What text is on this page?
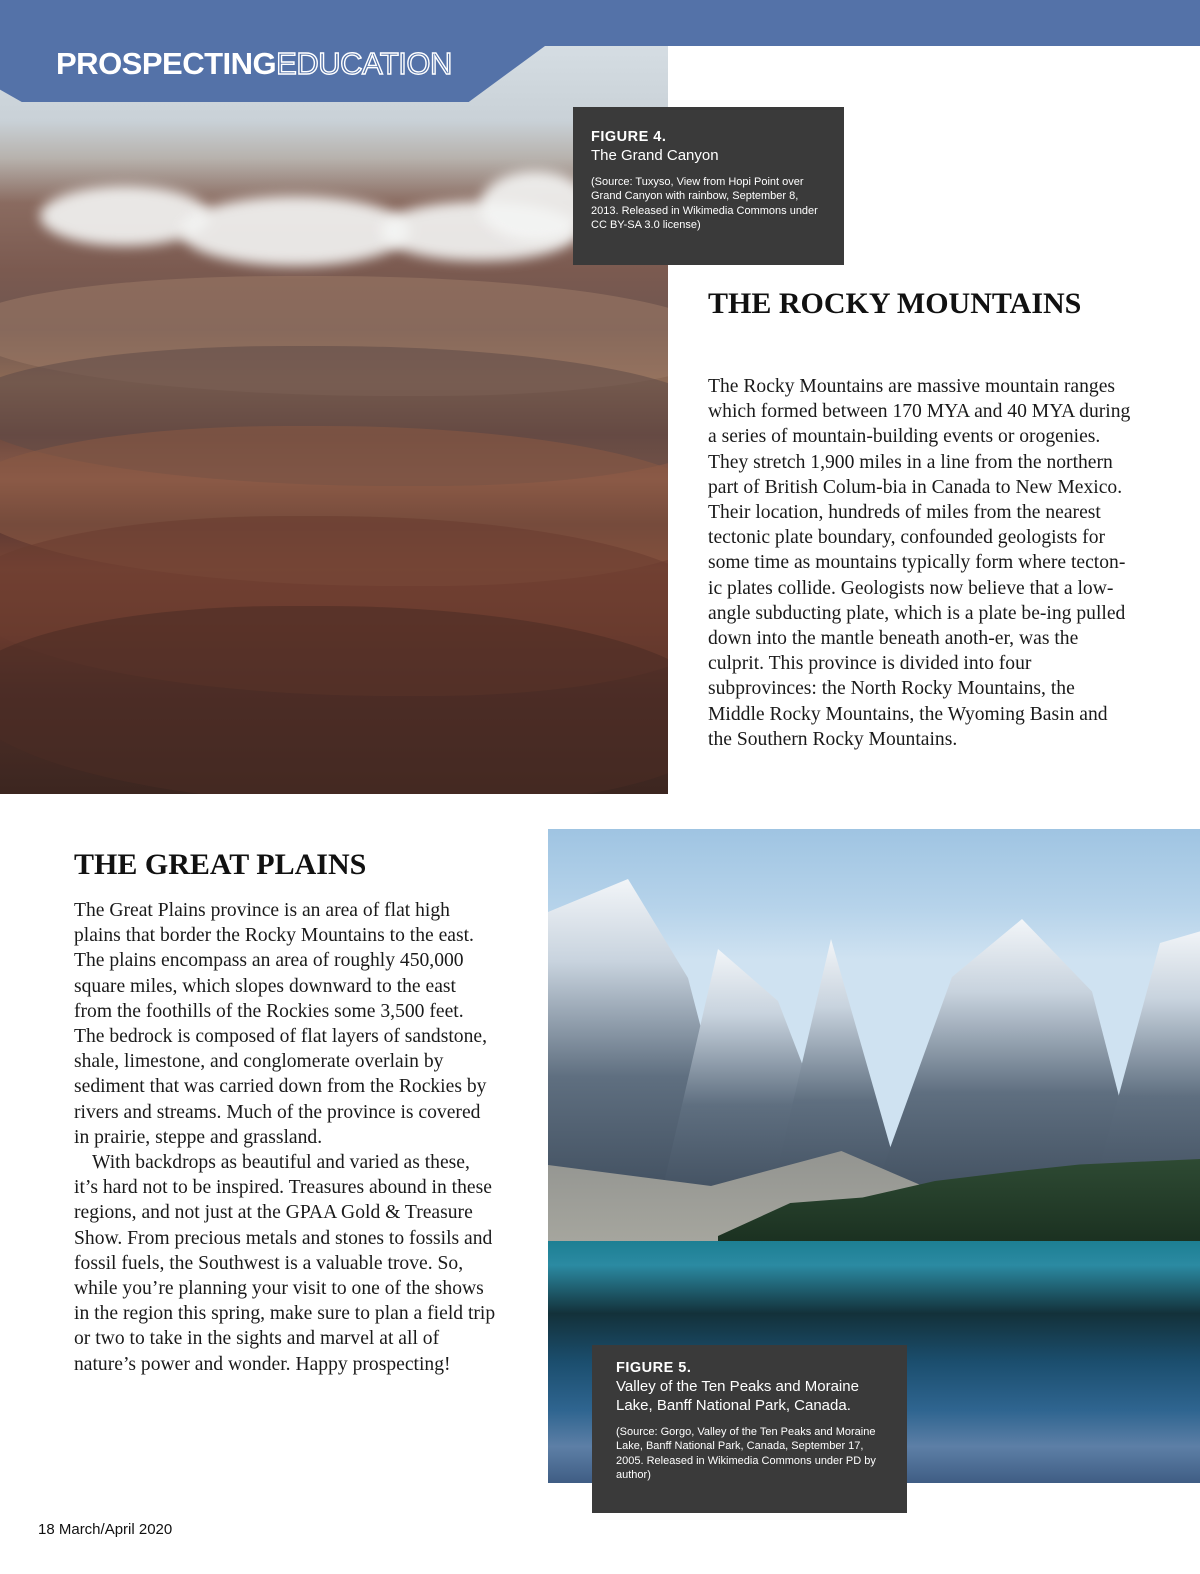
PROSPECTINGEDUCATION
FIGURE 4.
The Grand Canyon
(Source: Tuxyso, View from Hopi Point over Grand Canyon with rainbow, September 8, 2013. Released in Wikimedia Commons under CC BY-SA 3.0 license)
THE ROCKY MOUNTAINS

The Rocky Mountains are massive mountain ranges which formed between 170 MYA and 40 MYA during a series of mountain-building events or orogenies. They stretch 1,900 miles in a line from the northern part of British Colum-bia in Canada to New Mexico. Their location, hundreds of miles from the nearest tectonic plate boundary, confounded geologists for some time as mountains typically form where tecton-ic plates collide. Geologists now believe that a low-angle subducting plate, which is a plate be-ing pulled down into the mantle beneath anoth-er, was the culprit. This province is divided into four subprovinces: the North Rocky Mountains, the Middle Rocky Mountains, the Wyoming Basin and the Southern Rocky Mountains.

THE GREAT PLAINS

The Great Plains province is an area of flat high plains that border the Rocky Mountains to the east. The plains encompass an area of roughly 450,000 square miles, which slopes downward to the east from the foothills of the Rockies some 3,500 feet. The bedrock is composed of flat layers of sandstone, shale, limestone, and conglomerate overlain by sediment that was carried down from the Rockies by rivers and streams. Much of the province is covered in prairie, steppe and grassland.

With backdrops as beautiful and varied as these, it’s hard not to be inspired. Treasures abound in these regions, and not just at the GPAA Gold & Treasure Show. From precious metals and stones to fossils and fossil fuels, the Southwest is a valuable trove. So, while you’re planning your visit to one of the shows in the region this spring, make sure to plan a field trip or two to take in the sights and marvel at all of nature’s power and wonder. Happy prospecting!	FIGURE 5.
Valley of the Ten Peaks and Moraine Lake, Banff National Park, Canada.
(Source: Gorgo, Valley of the Ten Peaks and Moraine Lake, Banff National Park, Canada, September 17, 2005. Released in Wikimedia Commons under PD by author)
18 March/April 2020
